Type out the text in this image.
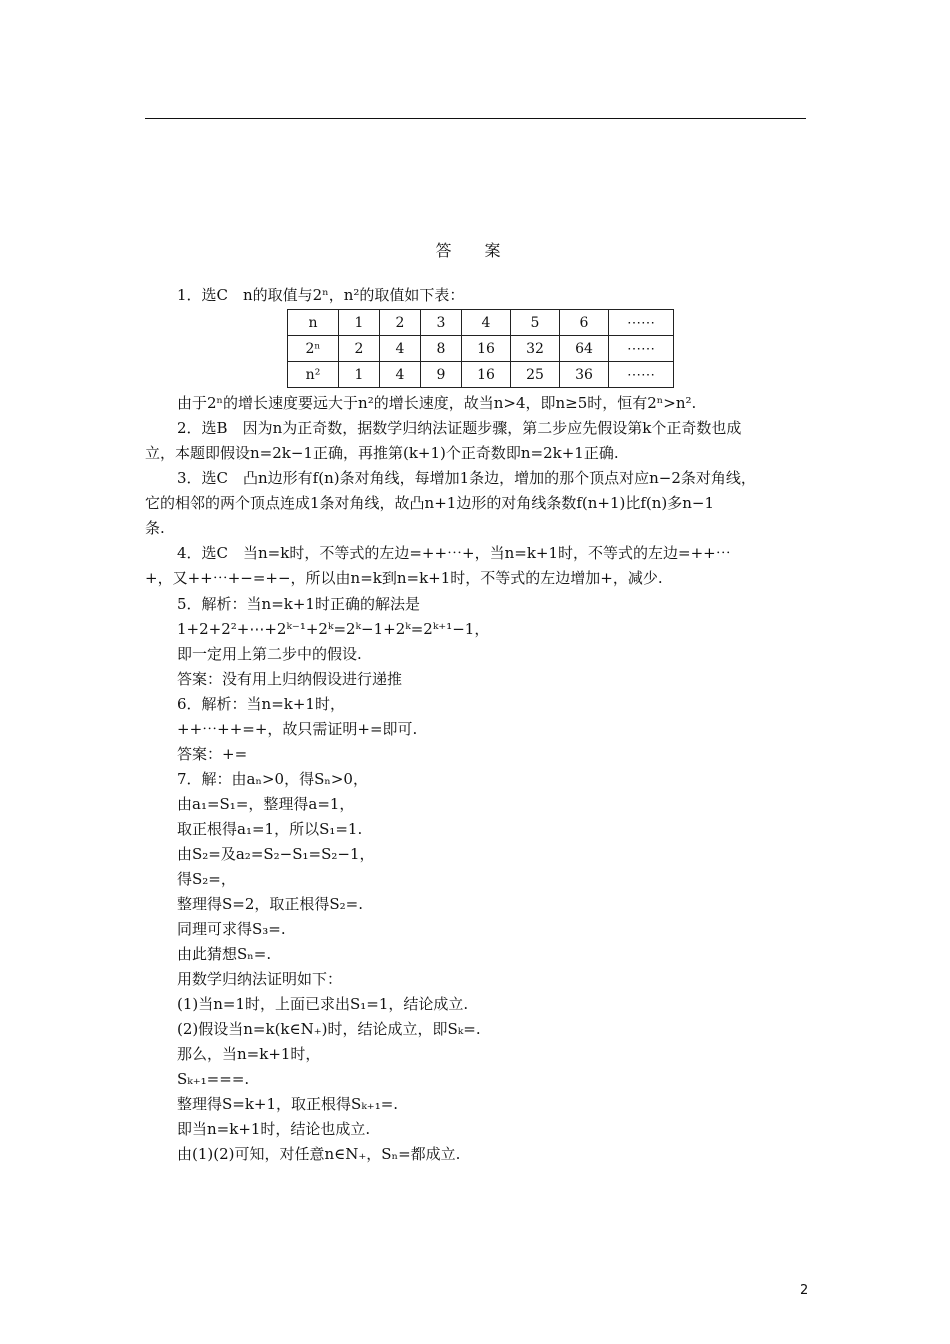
答 案
1．选C　n的取值与2ⁿ，n²的取值如下表：
n	1	2	3	4	5	6	⋯⋯
2ⁿ	2	4	8	16	32	64	⋯⋯
n²	1	4	9	16	25	36	⋯⋯
由于2ⁿ的增长速度要远大于n²的增长速度，故当n>4，即n≥5时，恒有2ⁿ>n².
2．选B　因为n为正奇数，据数学归纳法证题步骤，第二步应先假设第k个正奇数也成
立，本题即假设n=2k−1正确，再推第(k+1)个正奇数即n=2k+1正确.
3．选C　凸n边形有f(n)条对角线，每增加1条边，增加的那个顶点对应n−2条对角线，
它的相邻的两个顶点连成1条对角线，故凸n+1边形的对角线条数f(n+1)比f(n)多n−1
条.
4．选C　当n=k时，不等式的左边=++⋯+，当n=k+1时，不等式的左边=++⋯
+，又++⋯+−=+−，所以由n=k到n=k+1时，不等式的左边增加+，减少.
5．解析：当n=k+1时正确的解法是
1+2+2²+⋯+2ᵏ⁻¹+2ᵏ=2ᵏ−1+2ᵏ=2ᵏ⁺¹−1，
即一定用上第二步中的假设.
答案：没有用上归纳假设进行递推
6．解析：当n=k+1时，
++⋯++=+，故只需证明+=即可.
答案：+=
7．解：由aₙ>0，得Sₙ>0，
由a₁=S₁=，整理得a=1，
取正根得a₁=1，所以S₁=1.
由S₂=及a₂=S₂−S₁=S₂−1，
得S₂=，
整理得S=2，取正根得S₂=.
同理可求得S₃=.
由此猜想Sₙ=.
用数学归纳法证明如下：
(1)当n=1时，上面已求出S₁=1，结论成立.
(2)假设当n=k(k∈N₊)时，结论成立，即Sₖ=.
那么，当n=k+1时，
Sₖ₊₁===.
整理得S=k+1，取正根得Sₖ₊₁=.
即当n=k+1时，结论也成立.
由(1)(2)可知，对任意n∈N₊，Sₙ=都成立.
2
